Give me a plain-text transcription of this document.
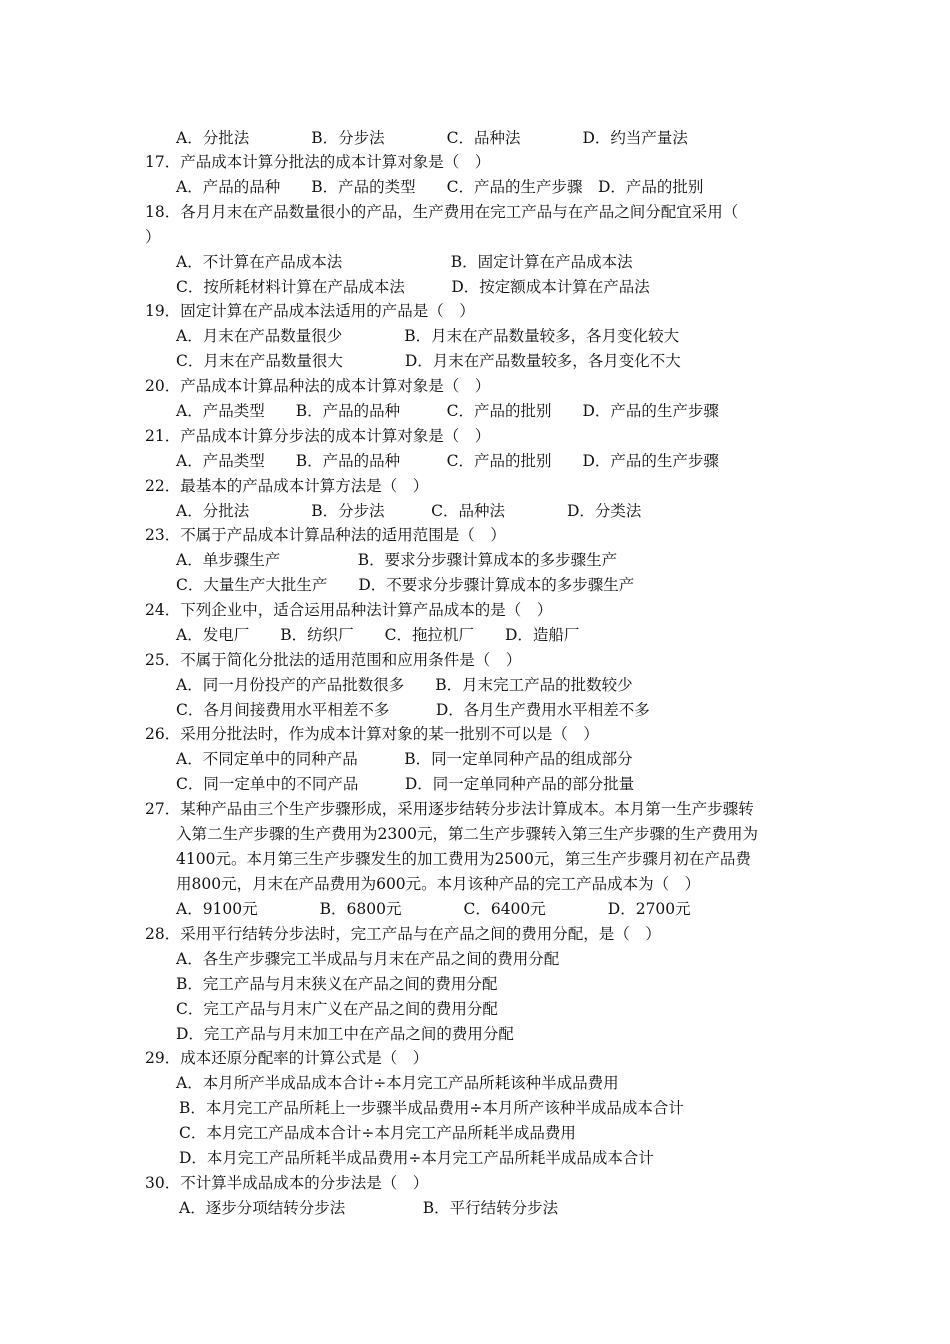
A．分批法　　　　B．分步法　　　　C．品种法　　　　D．约当产量法
17．产品成本计算分批法的成本计算对象是（　）
A．产品的品种　　B．产品的类型　　C．产品的生产步骤　D．产品的批别
18．各月月末在产品数量很小的产品，生产费用在完工产品与在产品之间分配宜采用（
）
A．不计算在产品成本法　　　　　　　B．固定计算在产品成本法
C．按所耗材料计算在产品成本法　　　D．按定额成本计算在产品法
19．固定计算在产品成本法适用的产品是（　）
A．月末在产品数量很少　　　　B．月末在产品数量较多，各月变化较大
C．月末在产品数量很大　　　　D．月末在产品数量较多，各月变化不大
20．产品成本计算品种法的成本计算对象是（　）
A．产品类型　　B．产品的品种　　　C．产品的批别　　D．产品的生产步骤
21．产品成本计算分步法的成本计算对象是（　）
A．产品类型　　B．产品的品种　　　C．产品的批别　　D．产品的生产步骤
22．最基本的产品成本计算方法是（　）
A．分批法　　　　B．分步法　　　C．品种法　　　　D．分类法
23．不属于产品成本计算品种法的适用范围是（　）
A．单步骤生产　　　　　B．要求分步骤计算成本的多步骤生产
C．大量生产大批生产　　D．不要求分步骤计算成本的多步骤生产
24．下列企业中，适合运用品种法计算产品成本的是（　）
A．发电厂　　B．纺织厂　　C．拖拉机厂　　D．造船厂
25．不属于简化分批法的适用范围和应用条件是（　）
A．同一月份投产的产品批数很多　　B．月末完工产品的批数较少
C．各月间接费用水平相差不多　　　D．各月生产费用水平相差不多
26．采用分批法时，作为成本计算对象的某一批别不可以是（　）
A．不同定单中的同种产品　　　B．同一定单同种产品的组成部分
C．同一定单中的不同产品　　　D．同一定单同种产品的部分批量
27．某种产品由三个生产步骤形成，采用逐步结转分步法计算成本。本月第一生产步骤转
入第二生产步骤的生产费用为2300元，第二生产步骤转入第三生产步骤的生产费用为
4100元。本月第三生产步骤发生的加工费用为2500元，第三生产步骤月初在产品费
用800元，月末在产品费用为600元。本月该种产品的完工产品成本为（　）
A．9100元　　　　B．6800元　　　　C．6400元　　　　D．2700元
28．采用平行结转分步法时，完工产品与在产品之间的费用分配，是（　）
A．各生产步骤完工半成品与月末在产品之间的费用分配
B．完工产品与月末狭义在产品之间的费用分配
C．完工产品与月末广义在产品之间的费用分配
D．完工产品与月末加工中在产品之间的费用分配
29．成本还原分配率的计算公式是（　）
A．本月所产半成品成本合计÷本月完工产品所耗该种半成品费用
B．本月完工产品所耗上一步骤半成品费用÷本月所产该种半成品成本合计
C．本月完工产品成本合计÷本月完工产品所耗半成品费用
D．本月完工产品所耗半成品费用÷本月完工产品所耗半成品成本合计
30．不计算半成品成本的分步法是（　）
A．逐步分项结转分步法　　　　　B．平行结转分步法
